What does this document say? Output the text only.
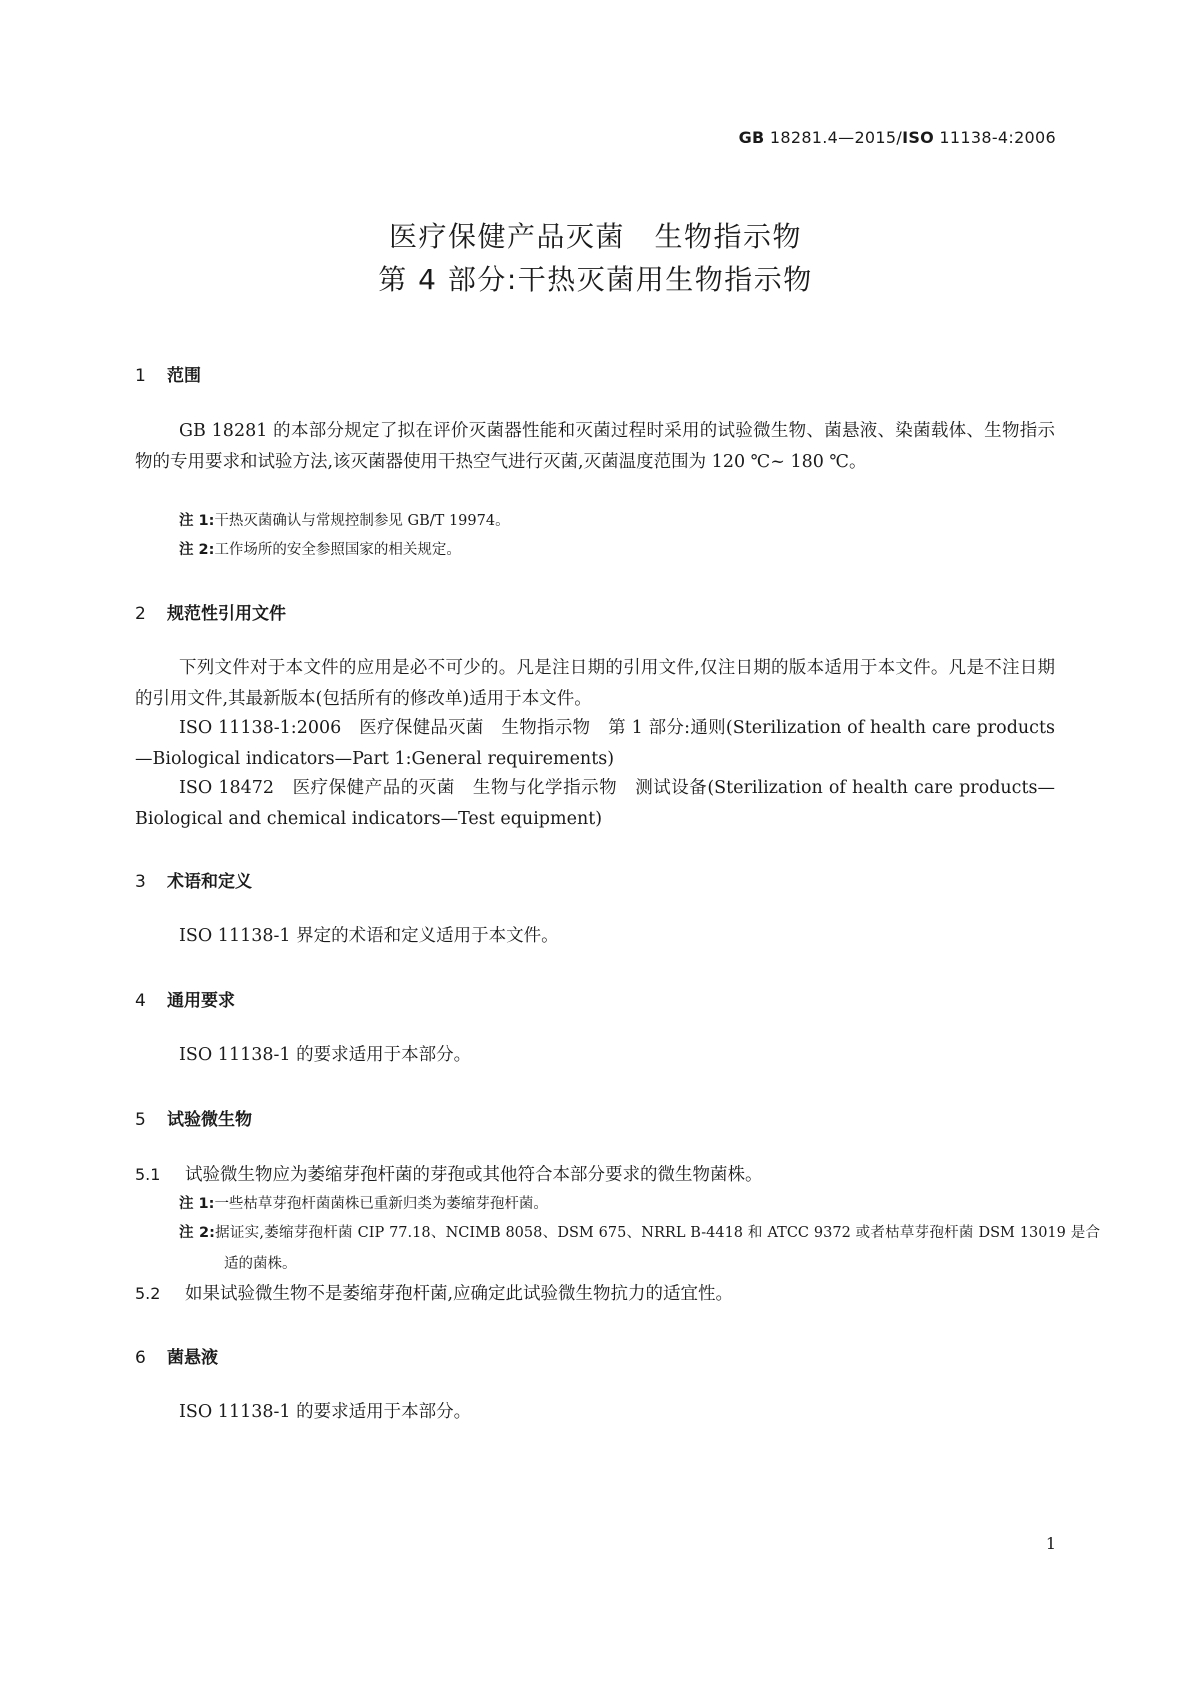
GB 18281.4—2015/ISO 11138-4:2006
医疗保健产品灭菌　生物指示物
第 4 部分:干热灭菌用生物指示物
1 范围
GB 18281 的本部分规定了拟在评价灭菌器性能和灭菌过程时采用的试验微生物、菌悬液、染菌载体、生物指示物的专用要求和试验方法,该灭菌器使用干热空气进行灭菌,灭菌温度范围为 120 ℃~ 180 ℃。
注 1:干热灭菌确认与常规控制参见 GB/T 19974。
注 2:工作场所的安全参照国家的相关规定。
2 规范性引用文件
下列文件对于本文件的应用是必不可少的。凡是注日期的引用文件,仅注日期的版本适用于本文件。凡是不注日期的引用文件,其最新版本(包括所有的修改单)适用于本文件。
ISO 11138-1:2006　医疗保健品灭菌　生物指示物　第 1 部分:通则(Sterilization of health care products—Biological indicators—Part 1:General requirements)
ISO 18472　医疗保健产品的灭菌　生物与化学指示物　测试设备(Sterilization of health care products—Biological and chemical indicators—Test equipment)
3 术语和定义
ISO 11138-1 界定的术语和定义适用于本文件。
4 通用要求
ISO 11138-1 的要求适用于本部分。
5 试验微生物
5.1 试验微生物应为萎缩芽孢杆菌的芽孢或其他符合本部分要求的微生物菌株。
注 1:一些枯草芽孢杆菌菌株已重新归类为萎缩芽孢杆菌。
注 2:据证实,萎缩芽孢杆菌 CIP 77.18、NCIMB 8058、DSM 675、NRRL B-4418 和 ATCC 9372 或者枯草芽孢杆菌 DSM 13019 是合适的菌株。
5.2 如果试验微生物不是萎缩芽孢杆菌,应确定此试验微生物抗力的适宜性。
6 菌悬液
ISO 11138-1 的要求适用于本部分。
1
